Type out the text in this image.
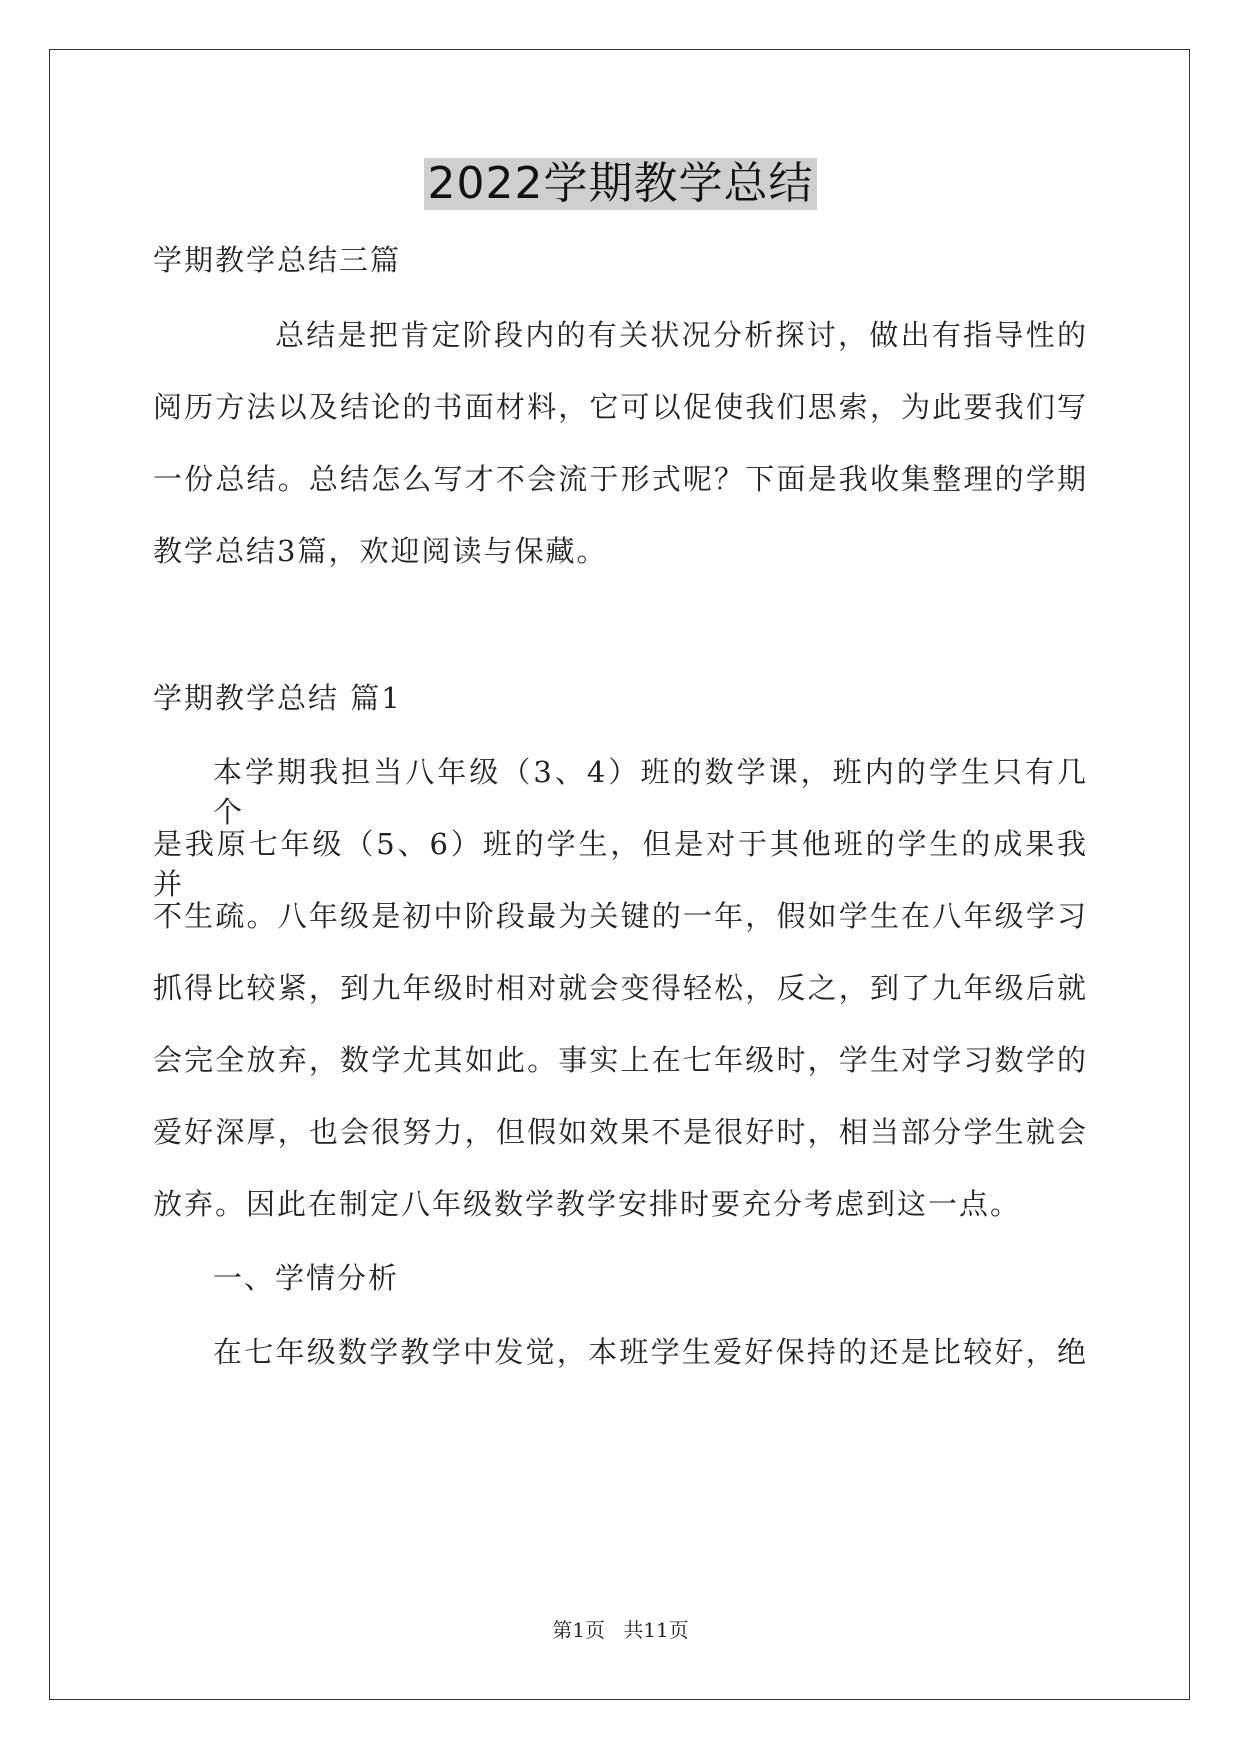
2022学期教学总结
学期教学总结三篇
总结是把肯定阶段内的有关状况分析探讨，做出有指导性的
阅历方法以及结论的书面材料，它可以促使我们思索，为此要我们写
一份总结。总结怎么写才不会流于形式呢？下面是我收集整理的学期
教学总结3篇，欢迎阅读与保藏。
学期教学总结 篇1
本学期我担当八年级（3、4）班的数学课，班内的学生只有几个
是我原七年级（5、6）班的学生，但是对于其他班的学生的成果我并
不生疏。八年级是初中阶段最为关键的一年，假如学生在八年级学习
抓得比较紧，到九年级时相对就会变得轻松，反之，到了九年级后就
会完全放弃，数学尤其如此。事实上在七年级时，学生对学习数学的
爱好深厚，也会很努力，但假如效果不是很好时，相当部分学生就会
放弃。因此在制定八年级数学教学安排时要充分考虑到这一点。
一、学情分析
在七年级数学教学中发觉，本班学生爱好保持的还是比较好，绝
第1页 共11页
